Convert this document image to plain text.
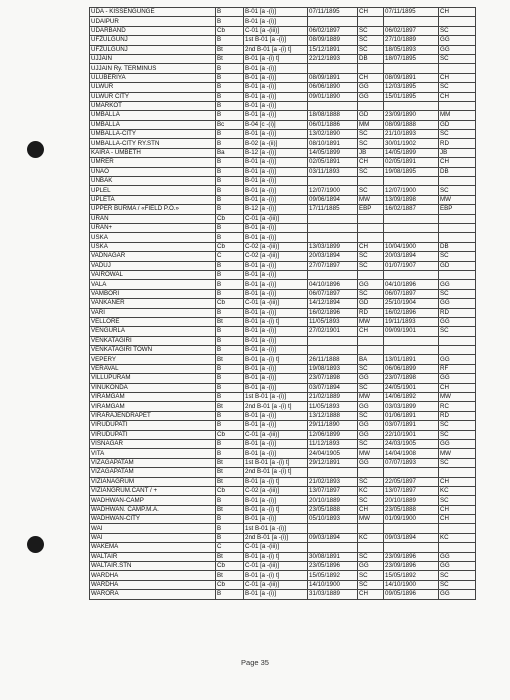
UDA - KISSENGUNGE	B	B-01 [a -(i)]	07/11/1895	CH	07/11/1895	CH
UDAIPUR	B	B-01 [a -(i)]				
UDARBAND	Cb	C-01 [a -(iii)]	06/02/1897	SC	06/02/1897	SC
UFZULGUNJ	B	1st B-01 [a -(i)]	08/09/1889	SC	27/10/1889	GG
UFZULGUNJ	Bt	2nd B-01 [a -(i) t]	15/12/1891	SC	18/05/1893	GG
UJJAIN	Bt	B-01 [a -(i) t]	22/12/1893	DB	18/07/1895	SC
UJJAIN Ry. TERMINUS	B	B-01 [a -(i)]				
ULUBERIYA	B	B-01 [a -(i)]	08/09/1891	CH	08/09/1891	CH
ULWUR	B	B-01 [a -(i)]	06/06/1890	GG	12/03/1895	SC
ULWUR CITY	B	B-01 [a -(i)]	09/01/1890	GG	15/01/1895	CH
UMARKOT	B	B-01 [a -(i)]				
UMBALLA	B	B-01 [a -(i)]	18/08/1888	GD	23/09/1890	MM
UMBALLA	Bc	B-04 [c -(i)]	06/01/1886	MM	08/09/1888	GD
UMBALLA-CITY	B	B-01 [a -(i)]	13/02/1890	SC	21/10/1893	SC
UMBALLA-CITY RY.STN	B	B-02 [a -(ii)]	08/10/1891	SC	30/01/1902	RD
KAIRA - UMBETH	Ba	B-12 [a -(i)]	14/05/1899	JB	14/05/1899	JB
UMRER	B	B-01 [a -(i)]	02/05/1891	CH	02/05/1891	CH
UNAO	B	B-01 [a -(i)]	03/11/1893	SC	19/08/1895	DB
UNBAK	B	B-01 [a -(i)]				
UPLEL	B	B-01 [a -(i)]	12/07/1900	SC	12/07/1900	SC
UPLETA	B	B-01 [a -(i)]	09/06/1894	MW	13/09/1898	MW
UPPER BURMA / «FIELD P.O.»	B	B-12 [a -(i)]	17/11/1885	EBP	16/02/1887	EBP
URAN	Cb	C-01 [a -(iii)]				
URAN+	B	B-01 [a -(i)]				
USKA	B	B-01 [a -(i)]				
USKA	Cb	C-02 [a -(iii)]	13/03/1899	CH	10/04/1900	DB
VADNAGAR	C	C-02 [a -(iii)]	20/03/1894	SC	20/03/1894	SC
VADUJ	B	B-01 [a -(i)]	27/07/1897	SC	01/07/1907	GD
VAIROWAL	B	B-01 [a -(i)]				
VALA	B	B-01 [a -(i)]	04/10/1896	GG	04/10/1896	GG
VAMBORI	B	B-01 [a -(i)]	06/07/1897	SC	06/07/1897	SC
VANKANER	Cb	C-01 [a -(iii)]	14/12/1894	GD	25/10/1904	GG
VARI	B	B-01 [a -(i)]	16/02/1896	RD	16/02/1896	RD
VELLORE	Bt	B-01 [a -(i) t]	11/05/1893	MW	19/11/1893	GG
VENGURLA	B	B-01 [a -(i)]	27/02/1901	CH	09/09/1901	SC
VENKATAGIRI	B	B-01 [a -(i)]				
VENKATAGIRI TOWN	B	B-01 [a -(i)]				
VEPERY	Bt	B-01 [a -(i) t]	26/11/1888	BA	13/01/1891	GG
VERAVAL	B	B-01 [a -(i)]	19/08/1893	SC	06/06/1899	RF
VILLUPURAM	B	B-01 [a -(i)]	23/07/1898	GG	23/07/1898	GG
VINUKONDA	B	B-01 [a -(i)]	03/07/1894	SC	24/05/1901	CH
VIRAMGAM	B	1st B-01 [a -(i)]	21/02/1889	MW	14/06/1892	MW
VIRAMGAM	Bt	2nd B-01 [a -(i) t]	11/05/1893	GG	03/03/1899	RC
VIRARAJENDRAPET	B	B-01 [a -(i)]	13/12/1888	SC	01/06/1891	RD
VIRUDUPATI	B	B-01 [a -(i)]	29/11/1890	GG	03/07/1891	SC
VIRUDUPATI	Cb	C-01 [a -(iii)]	12/06/1899	GG	22/10/1901	SC
VISNAGAR	B	B-01 [a -(i)]	11/12/1893	SC	24/03/1905	GG
VITA	B	B-01 [a -(i)]	24/04/1905	MW	14/04/1908	MW
VIZAGAPATAM	Bt	1st B-01 [a -(i) t]	29/12/1891	GG	07/07/1893	SC
VIZAGAPATAM	Bt	2nd B-01 [a -(i) t]				
VIZIANAGRUM	Bt	B-01 [a -(i) t]	21/02/1893	SC	22/05/1897	CH
VIZIANGRUM.CANT / +	Cb	C-02 [a -(iii)]	13/07/1897	KC	13/07/1897	KC
WADHWAN-CAMP	B	B-01 [a -(i)]	20/10/1889	SC	20/10/1889	SC
WADHWAN. CAMP.M.A.	Bt	B-01 [a -(i) t]	23/05/1888	CH	23/05/1888	CH
WADHWAN-CITY	B	B-01 [a -(i)]	05/10/1893	MW	01/09/1900	CH
WAI	B	1st B-01 [a -(i)]				
WAI	B	2nd B-01 [a -(i)]	09/03/1894	KC	09/03/1894	KC
WAKEMA	C	C-01 [a -(iii)]				
WALTAIR	Bt	B-01 [a -(i) t]	30/08/1891	SC	23/09/1896	GG
WALTAIR.STN	Cb	C-01 [a -(iii)]	23/05/1896	GG	23/09/1896	GG
WARDHA	Bt	B-01 [a -(i) t]	15/05/1892	SC	15/05/1892	SC
WARDHA	Cb	C-01 [a -(iii)]	14/10/1900	SC	14/10/1900	SC
WARORA	B	B-01 [a -(i)]	31/03/1889	CH	09/05/1896	GG
Page 35
